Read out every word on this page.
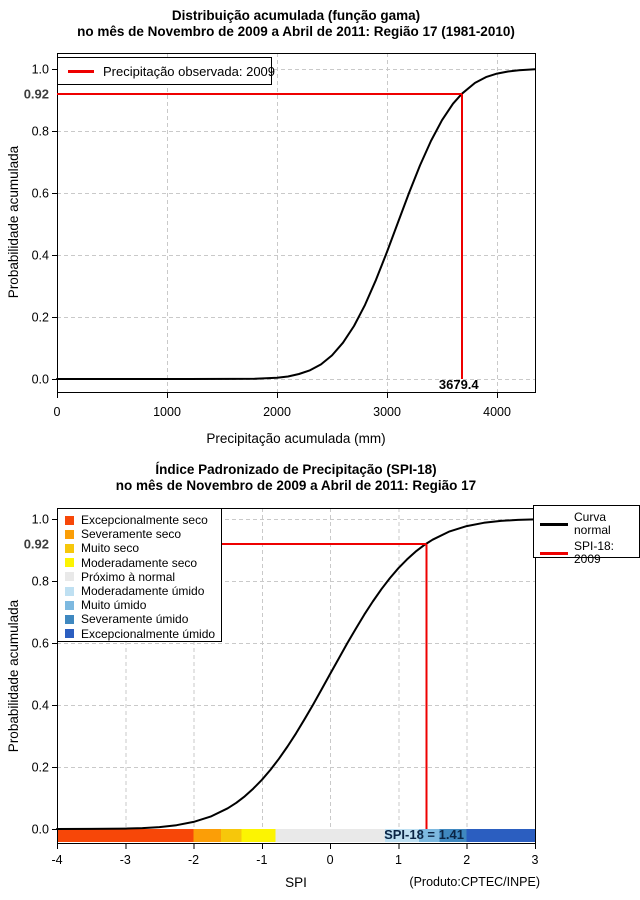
0	1000	2000	3000	4000
0.0
0.2
0.4
0.6
0.8
1.0
0.92
3679.4
-4	-3	-2	-1	0	1	2	3
0.0
0.2
0.4
0.6
0.8
1.0
0.92
SPI-18 = 1.41
Distribuição acumulada (função gama)
no mês de Novembro de 2009 a Abril de 2011: Região 17 (1981-2010)
Probabilidade acumulada
Precipitação acumulada (mm)
Precipitação observada: 2009
Índice Padronizado de Precipitação (SPI-18)
no mês de Novembro de 2009 a Abril de 2011: Região 17
Probabilidade acumulada
SPI	(Produto:CPTEC/INPE)
Excepcionalmente seco
Severamente seco
Muito seco
Moderadamente seco
Próximo à normal
Moderadamente úmido
Muito úmido
Severamente úmido
Excepcionalmente úmido
Curva normal
SPI-18: 2009
